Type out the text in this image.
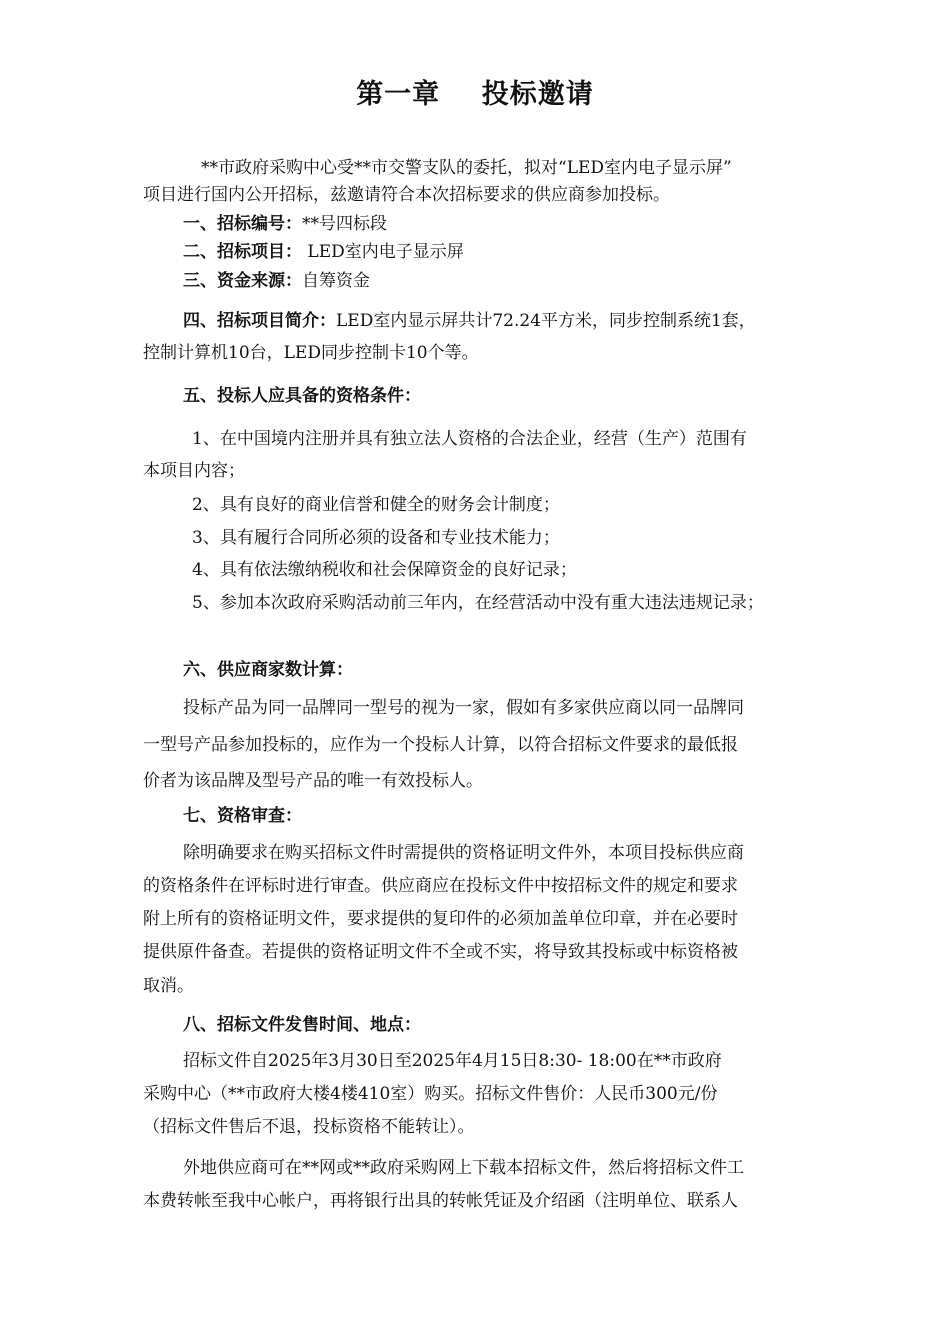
第一章    投标邀请
**市政府采购中心受**市交警支队的委托，拟对“LED室内电子显示屏”
项目进行国内公开招标，兹邀请符合本次招标要求的供应商参加投标。
一、招标编号：**号四标段
二、招标项目： LED室内电子显示屏
三、资金来源：自筹资金
四、招标项目简介：LED室内显示屏共计72.24平方米，同步控制系统1套，
控制计算机10台，LED同步控制卡10个等。
五、投标人应具备的资格条件：
1、在中国境内注册并具有独立法人资格的合法企业，经营（生产）范围有
本项目内容；
2、具有良好的商业信誉和健全的财务会计制度；
3、具有履行合同所必须的设备和专业技术能力；
4、具有依法缴纳税收和社会保障资金的良好记录；
5、参加本次政府采购活动前三年内，在经营活动中没有重大违法违规记录；
六、供应商家数计算：
投标产品为同一品牌同一型号的视为一家，假如有多家供应商以同一品牌同
一型号产品参加投标的，应作为一个投标人计算，以符合招标文件要求的最低报
价者为该品牌及型号产品的唯一有效投标人。
七、资格审查：
除明确要求在购买招标文件时需提供的资格证明文件外，本项目投标供应商
的资格条件在评标时进行审查。供应商应在投标文件中按招标文件的规定和要求
附上所有的资格证明文件，要求提供的复印件的必须加盖单位印章，并在必要时
提供原件备查。若提供的资格证明文件不全或不实，将导致其投标或中标资格被
取消。
八、招标文件发售时间、地点：
招标文件自2025年3月30日至2025年4月15日8:30- 18:00在**市政府
采购中心（**市政府大楼4楼410室）购买。招标文件售价：人民币300元/份
（招标文件售后不退，投标资格不能转让）。
外地供应商可在**网或**政府采购网上下载本招标文件，然后将招标文件工
本费转帐至我中心帐户，再将银行出具的转帐凭证及介绍函（注明单位、联系人
